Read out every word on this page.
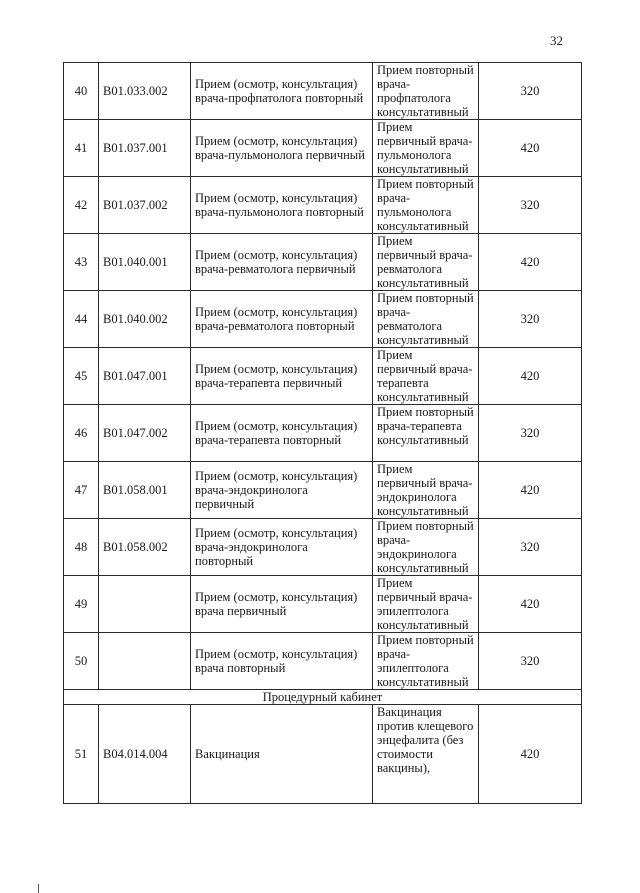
32
40	B01.033.002	Прием (осмотр, консультация) врача-профпатолога повторный	Прием повторный врача-профпатолога консультативный	320
41	B01.037.001	Прием (осмотр, консультация) врача-пульмонолога первичный	Прием первичный врача-пульмонолога консультативный	420
42	B01.037.002	Прием (осмотр, консультация) врача-пульмонолога повторный	Прием повторный врача-пульмонолога консультативный	320
43	B01.040.001	Прием (осмотр, консультация) врача-ревматолога первичный	Прием первичный врача-ревматолога консультативный	420
44	B01.040.002	Прием (осмотр, консультация) врача-ревматолога повторный	Прием повторный врача-ревматолога консультативный	320
45	B01.047.001	Прием (осмотр, консультация) врача-терапевта первичный	Прием первичный врача-терапевта консультативный	420
46	B01.047.002	Прием (осмотр, консультация) врача-терапевта повторный	Прием повторный врача-терапевта консультативный	320
47	B01.058.001	Прием (осмотр, консультация) врача-эндокринолога первичный	Прием первичный врача-эндокринолога консультативный	420
48	B01.058.002	Прием (осмотр, консультация) врача-эндокринолога повторный	Прием повторный врача-эндокринолога консультативный	320
49		Прием (осмотр, консультация) врача первичный	Прием первичный врача-эпилептолога консультативный	420
50		Прием (осмотр, консультация) врача повторный	Прием повторный врача-эпилептолога консультативный	320
Процедурный кабинет				
51	B04.014.004	Вакцинация	Вакцинация против клещевого энцефалита (без стоимости вакцины),	420
